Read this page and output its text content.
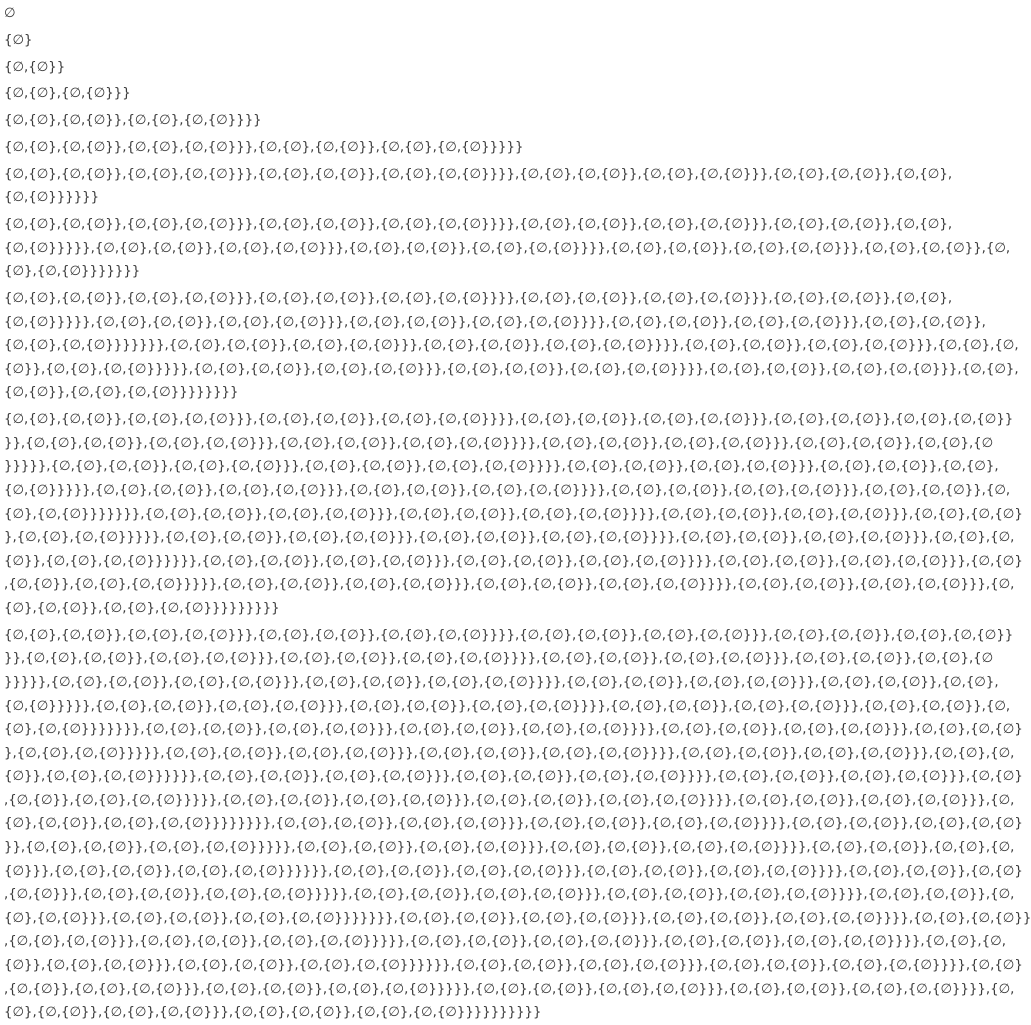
∅
{∅}
{∅,{∅}}
{∅,{∅},{∅,{∅}}}
{∅,{∅},{∅,{∅}},{∅,{∅},{∅,{∅}}}}
{∅,{∅},{∅,{∅}},{∅,{∅},{∅,{∅}}},{∅,{∅},{∅,{∅}},{∅,{∅},{∅,{∅}}}}}
{∅,{∅},{∅,{∅}},{∅,{∅},{∅,{∅}}},{∅,{∅},{∅,{∅}},{∅,{∅},{∅,{∅}}}},{∅,{∅},{∅,{∅}},{∅,{∅},{∅,{∅}}},{∅,{∅},{∅,{∅}},{∅,{∅},
{∅,{∅}}}}}}
{∅,{∅},{∅,{∅}},{∅,{∅},{∅,{∅}}},{∅,{∅},{∅,{∅}},{∅,{∅},{∅,{∅}}}},{∅,{∅},{∅,{∅}},{∅,{∅},{∅,{∅}}},{∅,{∅},{∅,{∅}},{∅,{∅},
{∅,{∅}}}}},{∅,{∅},{∅,{∅}},{∅,{∅},{∅,{∅}}},{∅,{∅},{∅,{∅}},{∅,{∅},{∅,{∅}}}},{∅,{∅},{∅,{∅}},{∅,{∅},{∅,{∅}}},{∅,{∅},{∅,{∅}},{∅,
{∅},{∅,{∅}}}}}}}
{∅,{∅},{∅,{∅}},{∅,{∅},{∅,{∅}}},{∅,{∅},{∅,{∅}},{∅,{∅},{∅,{∅}}}},{∅,{∅},{∅,{∅}},{∅,{∅},{∅,{∅}}},{∅,{∅},{∅,{∅}},{∅,{∅},
{∅,{∅}}}}},{∅,{∅},{∅,{∅}},{∅,{∅},{∅,{∅}}},{∅,{∅},{∅,{∅}},{∅,{∅},{∅,{∅}}}},{∅,{∅},{∅,{∅}},{∅,{∅},{∅,{∅}}},{∅,{∅},{∅,{∅}},
{∅,{∅},{∅,{∅}}}}}}},{∅,{∅},{∅,{∅}},{∅,{∅},{∅,{∅}}},{∅,{∅},{∅,{∅}},{∅,{∅},{∅,{∅}}}},{∅,{∅},{∅,{∅}},{∅,{∅},{∅,{∅}}},{∅,{∅},{∅,
{∅}},{∅,{∅},{∅,{∅}}}}},{∅,{∅},{∅,{∅}},{∅,{∅},{∅,{∅}}},{∅,{∅},{∅,{∅}},{∅,{∅},{∅,{∅}}}},{∅,{∅},{∅,{∅}},{∅,{∅},{∅,{∅}}},{∅,{∅},
{∅,{∅}},{∅,{∅},{∅,{∅}}}}}}}}
{∅,{∅},{∅,{∅}},{∅,{∅},{∅,{∅}}},{∅,{∅},{∅,{∅}},{∅,{∅},{∅,{∅}}}},{∅,{∅},{∅,{∅}},{∅,{∅},{∅,{∅}}},{∅,{∅},{∅,{∅}},{∅,{∅},{∅,{∅}}
}},{∅,{∅},{∅,{∅}},{∅,{∅},{∅,{∅}}},{∅,{∅},{∅,{∅}},{∅,{∅},{∅,{∅}}}},{∅,{∅},{∅,{∅}},{∅,{∅},{∅,{∅}}},{∅,{∅},{∅,{∅}},{∅,{∅},{∅
}}}}},{∅,{∅},{∅,{∅}},{∅,{∅},{∅,{∅}}},{∅,{∅},{∅,{∅}},{∅,{∅},{∅,{∅}}}},{∅,{∅},{∅,{∅}},{∅,{∅},{∅,{∅}}},{∅,{∅},{∅,{∅}},{∅,{∅},
{∅,{∅}}}}},{∅,{∅},{∅,{∅}},{∅,{∅},{∅,{∅}}},{∅,{∅},{∅,{∅}},{∅,{∅},{∅,{∅}}}},{∅,{∅},{∅,{∅}},{∅,{∅},{∅,{∅}}},{∅,{∅},{∅,{∅}},{∅,
{∅},{∅,{∅}}}}}}},{∅,{∅},{∅,{∅}},{∅,{∅},{∅,{∅}}},{∅,{∅},{∅,{∅}},{∅,{∅},{∅,{∅}}}},{∅,{∅},{∅,{∅}},{∅,{∅},{∅,{∅}}},{∅,{∅},{∅,{∅}
},{∅,{∅},{∅,{∅}}}}},{∅,{∅},{∅,{∅}},{∅,{∅},{∅,{∅}}},{∅,{∅},{∅,{∅}},{∅,{∅},{∅,{∅}}}},{∅,{∅},{∅,{∅}},{∅,{∅},{∅,{∅}}},{∅,{∅},{∅,
{∅}},{∅,{∅},{∅,{∅}}}}}},{∅,{∅},{∅,{∅}},{∅,{∅},{∅,{∅}}},{∅,{∅},{∅,{∅}},{∅,{∅},{∅,{∅}}}},{∅,{∅},{∅,{∅}},{∅,{∅},{∅,{∅}}},{∅,{∅}
,{∅,{∅}},{∅,{∅},{∅,{∅}}}}},{∅,{∅},{∅,{∅}},{∅,{∅},{∅,{∅}}},{∅,{∅},{∅,{∅}},{∅,{∅},{∅,{∅}}}},{∅,{∅},{∅,{∅}},{∅,{∅},{∅,{∅}}},{∅,
{∅},{∅,{∅}},{∅,{∅},{∅,{∅}}}}}}}}}
{∅,{∅},{∅,{∅}},{∅,{∅},{∅,{∅}}},{∅,{∅},{∅,{∅}},{∅,{∅},{∅,{∅}}}},{∅,{∅},{∅,{∅}},{∅,{∅},{∅,{∅}}},{∅,{∅},{∅,{∅}},{∅,{∅},{∅,{∅}}
}},{∅,{∅},{∅,{∅}},{∅,{∅},{∅,{∅}}},{∅,{∅},{∅,{∅}},{∅,{∅},{∅,{∅}}}},{∅,{∅},{∅,{∅}},{∅,{∅},{∅,{∅}}},{∅,{∅},{∅,{∅}},{∅,{∅},{∅
}}}}},{∅,{∅},{∅,{∅}},{∅,{∅},{∅,{∅}}},{∅,{∅},{∅,{∅}},{∅,{∅},{∅,{∅}}}},{∅,{∅},{∅,{∅}},{∅,{∅},{∅,{∅}}},{∅,{∅},{∅,{∅}},{∅,{∅},
{∅,{∅}}}}},{∅,{∅},{∅,{∅}},{∅,{∅},{∅,{∅}}},{∅,{∅},{∅,{∅}},{∅,{∅},{∅,{∅}}}},{∅,{∅},{∅,{∅}},{∅,{∅},{∅,{∅}}},{∅,{∅},{∅,{∅}},{∅,
{∅},{∅,{∅}}}}}}},{∅,{∅},{∅,{∅}},{∅,{∅},{∅,{∅}}},{∅,{∅},{∅,{∅}},{∅,{∅},{∅,{∅}}}},{∅,{∅},{∅,{∅}},{∅,{∅},{∅,{∅}}},{∅,{∅},{∅,{∅}
},{∅,{∅},{∅,{∅}}}}},{∅,{∅},{∅,{∅}},{∅,{∅},{∅,{∅}}},{∅,{∅},{∅,{∅}},{∅,{∅},{∅,{∅}}}},{∅,{∅},{∅,{∅}},{∅,{∅},{∅,{∅}}},{∅,{∅},{∅,
{∅}},{∅,{∅},{∅,{∅}}}}}},{∅,{∅},{∅,{∅}},{∅,{∅},{∅,{∅}}},{∅,{∅},{∅,{∅}},{∅,{∅},{∅,{∅}}}},{∅,{∅},{∅,{∅}},{∅,{∅},{∅,{∅}}},{∅,{∅}
,{∅,{∅}},{∅,{∅},{∅,{∅}}}}},{∅,{∅},{∅,{∅}},{∅,{∅},{∅,{∅}}},{∅,{∅},{∅,{∅}},{∅,{∅},{∅,{∅}}}},{∅,{∅},{∅,{∅}},{∅,{∅},{∅,{∅}}},{∅,
{∅},{∅,{∅}},{∅,{∅},{∅,{∅}}}}}}}},{∅,{∅},{∅,{∅}},{∅,{∅},{∅,{∅}}},{∅,{∅},{∅,{∅}},{∅,{∅},{∅,{∅}}}},{∅,{∅},{∅,{∅}},{∅,{∅},{∅,{∅}
}},{∅,{∅},{∅,{∅}},{∅,{∅},{∅,{∅}}}}},{∅,{∅},{∅,{∅}},{∅,{∅},{∅,{∅}}},{∅,{∅},{∅,{∅}},{∅,{∅},{∅,{∅}}}},{∅,{∅},{∅,{∅}},{∅,{∅},{∅,
{∅}}},{∅,{∅},{∅,{∅}},{∅,{∅},{∅,{∅}}}}}},{∅,{∅},{∅,{∅}},{∅,{∅},{∅,{∅}}},{∅,{∅},{∅,{∅}},{∅,{∅},{∅,{∅}}}},{∅,{∅},{∅,{∅}},{∅,{∅}
,{∅,{∅}}},{∅,{∅},{∅,{∅}},{∅,{∅},{∅,{∅}}}}},{∅,{∅},{∅,{∅}},{∅,{∅},{∅,{∅}}},{∅,{∅},{∅,{∅}},{∅,{∅},{∅,{∅}}}},{∅,{∅},{∅,{∅}},{∅,
{∅},{∅,{∅}}},{∅,{∅},{∅,{∅}},{∅,{∅},{∅,{∅}}}}}}},{∅,{∅},{∅,{∅}},{∅,{∅},{∅,{∅}}},{∅,{∅},{∅,{∅}},{∅,{∅},{∅,{∅}}}},{∅,{∅},{∅,{∅}}
,{∅,{∅},{∅,{∅}}},{∅,{∅},{∅,{∅}},{∅,{∅},{∅,{∅}}}}},{∅,{∅},{∅,{∅}},{∅,{∅},{∅,{∅}}},{∅,{∅},{∅,{∅}},{∅,{∅},{∅,{∅}}}},{∅,{∅},{∅,
{∅}},{∅,{∅},{∅,{∅}}},{∅,{∅},{∅,{∅}},{∅,{∅},{∅,{∅}}}}}},{∅,{∅},{∅,{∅}},{∅,{∅},{∅,{∅}}},{∅,{∅},{∅,{∅}},{∅,{∅},{∅,{∅}}}},{∅,{∅}
,{∅,{∅}},{∅,{∅},{∅,{∅}}},{∅,{∅},{∅,{∅}},{∅,{∅},{∅,{∅}}}}},{∅,{∅},{∅,{∅}},{∅,{∅},{∅,{∅}}},{∅,{∅},{∅,{∅}},{∅,{∅},{∅,{∅}}}},{∅,
{∅},{∅,{∅}},{∅,{∅},{∅,{∅}}},{∅,{∅},{∅,{∅}},{∅,{∅},{∅,{∅}}}}}}}}}}
